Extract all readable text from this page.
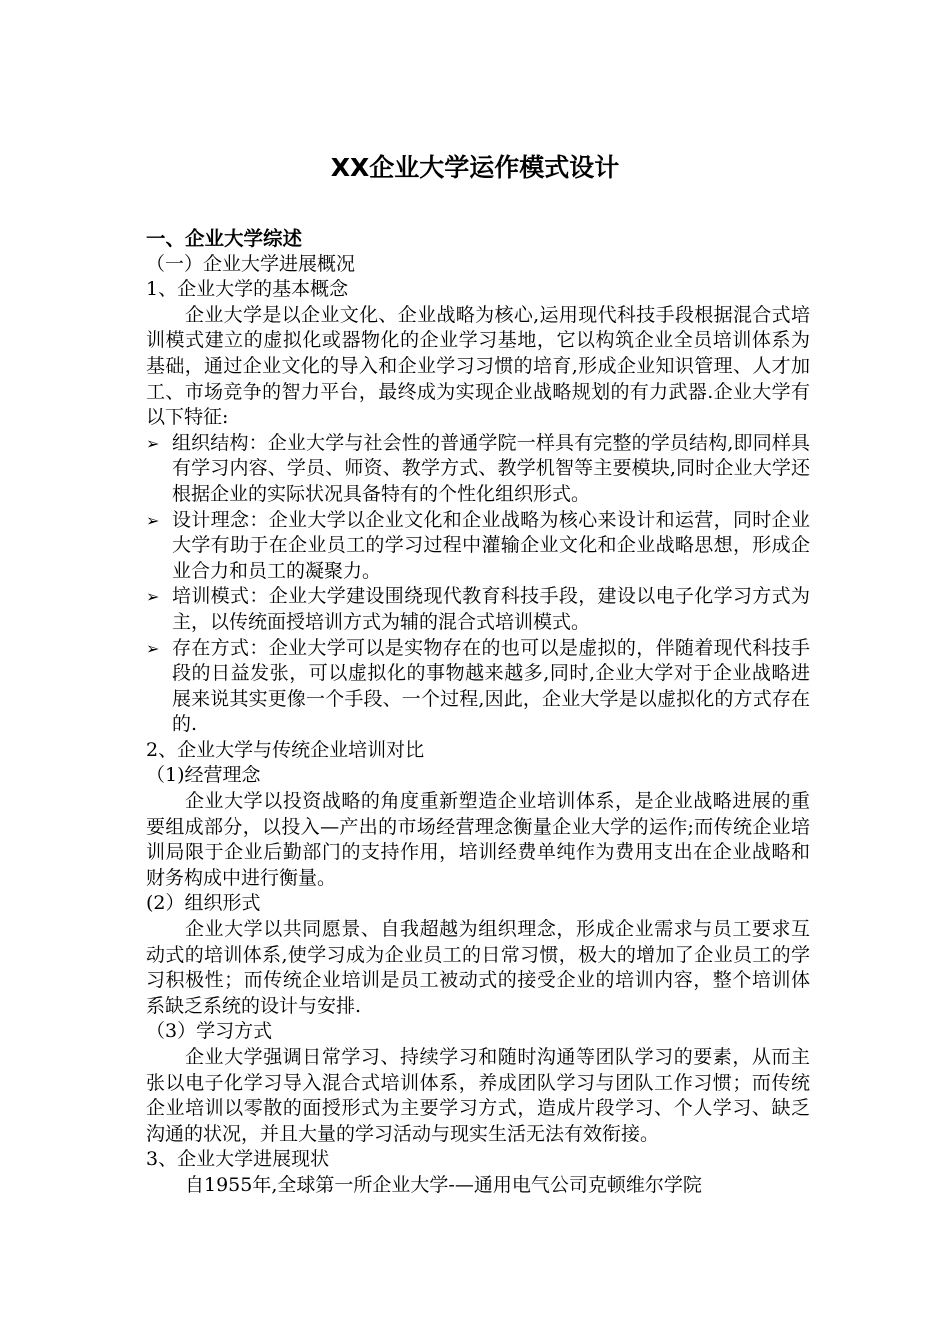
XX企业大学运作模式设计
一、企业大学综述

（一）企业大学进展概况

1、企业大学的基本概念

企业大学是以企业文化、企业战略为核心,运用现代科技手段根据混合式培训模式建立的虚拟化或器物化的企业学习基地，它以构筑企业全员培训体系为基础，通过企业文化的导入和企业学习习惯的培育,形成企业知识管理、人才加工、市场竞争的智力平台，最终成为实现企业战略规划的有力武器.企业大学有以下特征:

➢ 组织结构：企业大学与社会性的普通学院一样具有完整的学员结构,即同样具有学习内容、学员、师资、教学方式、教学机智等主要模块,同时企业大学还根据企业的实际状况具备特有的个性化组织形式。
➢ 设计理念：企业大学以企业文化和企业战略为核心来设计和运营，同时企业大学有助于在企业员工的学习过程中灌输企业文化和企业战略思想，形成企业合力和员工的凝聚力。
➢ 培训模式：企业大学建设围绕现代教育科技手段，建设以电子化学习方式为主，以传统面授培训方式为辅的混合式培训模式。
➢ 存在方式：企业大学可以是实物存在的也可以是虚拟的，伴随着现代科技手段的日益发张，可以虚拟化的事物越来越多,同时,企业大学对于企业战略进展来说其实更像一个手段、一个过程,因此，企业大学是以虚拟化的方式存在的.

2、企业大学与传统企业培训对比

（1)经营理念

企业大学以投资战略的角度重新塑造企业培训体系，是企业战略进展的重要组成部分，以投入—产出的市场经营理念衡量企业大学的运作;而传统企业培训局限于企业后勤部门的支持作用，培训经费单纯作为费用支出在企业战略和财务构成中进行衡量。

(2）组织形式

企业大学以共同愿景、自我超越为组织理念，形成企业需求与员工要求互动式的培训体系,使学习成为企业员工的日常习惯，极大的增加了企业员工的学习积极性；而传统企业培训是员工被动式的接受企业的培训内容，整个培训体系缺乏系统的设计与安排.

（3）学习方式

企业大学强调日常学习、持续学习和随时沟通等团队学习的要素，从而主张以电子化学习导入混合式培训体系，养成团队学习与团队工作习惯；而传统企业培训以零散的面授形式为主要学习方式，造成片段学习、个人学习、缺乏沟通的状况，并且大量的学习活动与现实生活无法有效衔接。

3、企业大学进展现状

自1955年,全球第一所企业大学-—通用电气公司克顿维尔学院
